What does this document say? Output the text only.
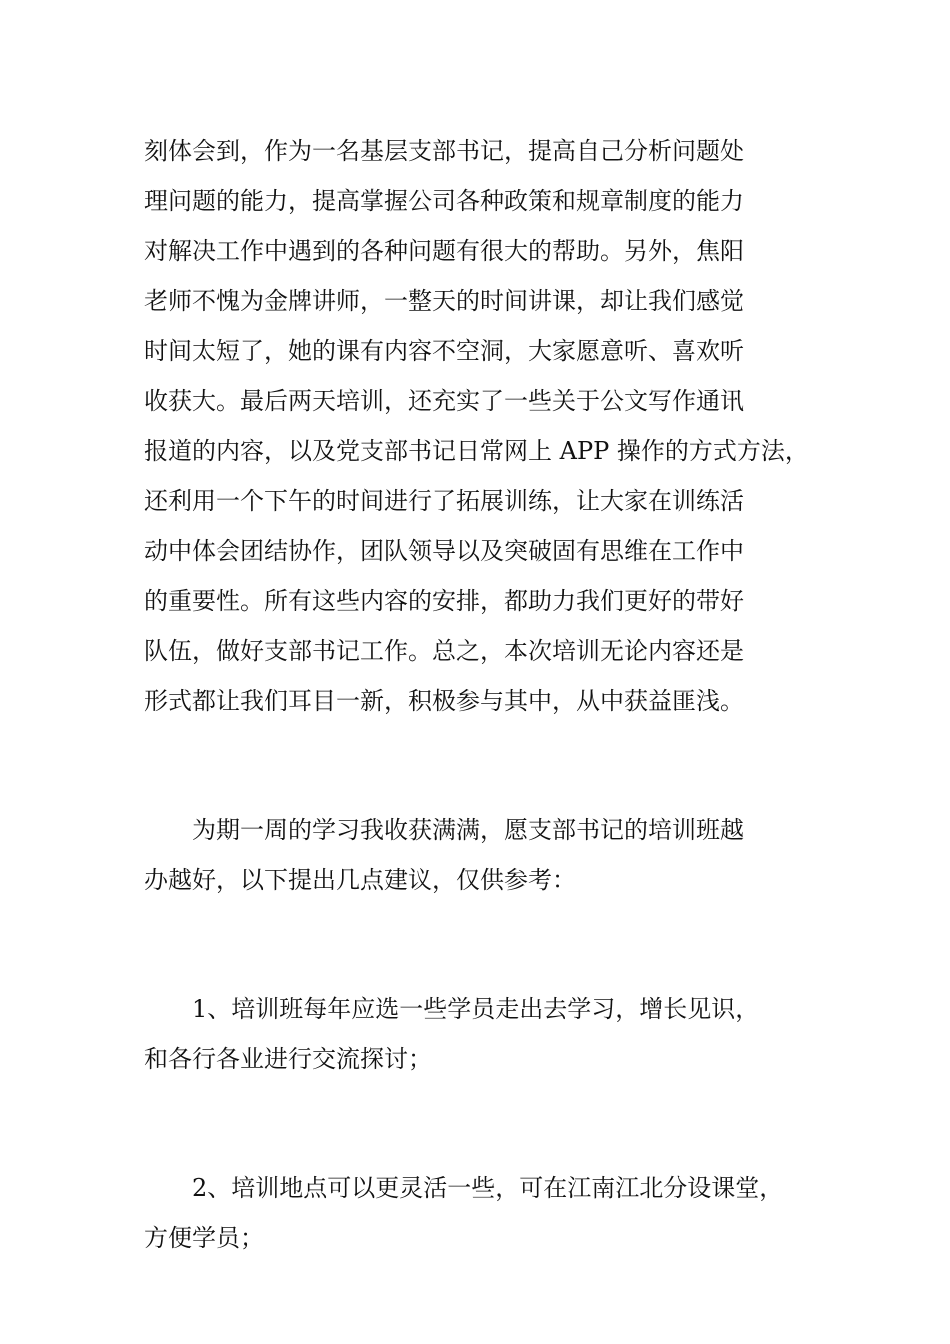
刻体会到，作为一名基层支部书记，提高自己分析问题处
理问题的能力，提高掌握公司各种政策和规章制度的能力
对解决工作中遇到的各种问题有很大的帮助。另外，焦阳
老师不愧为金牌讲师，一整天的时间讲课，却让我们感觉
时间太短了，她的课有内容不空洞，大家愿意听、喜欢听
收获大。最后两天培训，还充实了一些关于公文写作通讯
报道的内容，以及党支部书记日常网上 APP 操作的方式方法，
还利用一个下午的时间进行了拓展训练，让大家在训练活
动中体会团结协作，团队领导以及突破固有思维在工作中
的重要性。所有这些内容的安排，都助力我们更好的带好
队伍，做好支部书记工作。总之，本次培训无论内容还是
形式都让我们耳目一新，积极参与其中，从中获益匪浅。
为期一周的学习我收获满满，愿支部书记的培训班越
办越好，以下提出几点建议，仅供参考：
1、培训班每年应选一些学员走出去学习，增长见识，
和各行各业进行交流探讨；
2、培训地点可以更灵活一些，可在江南江北分设课堂，
方便学员；
